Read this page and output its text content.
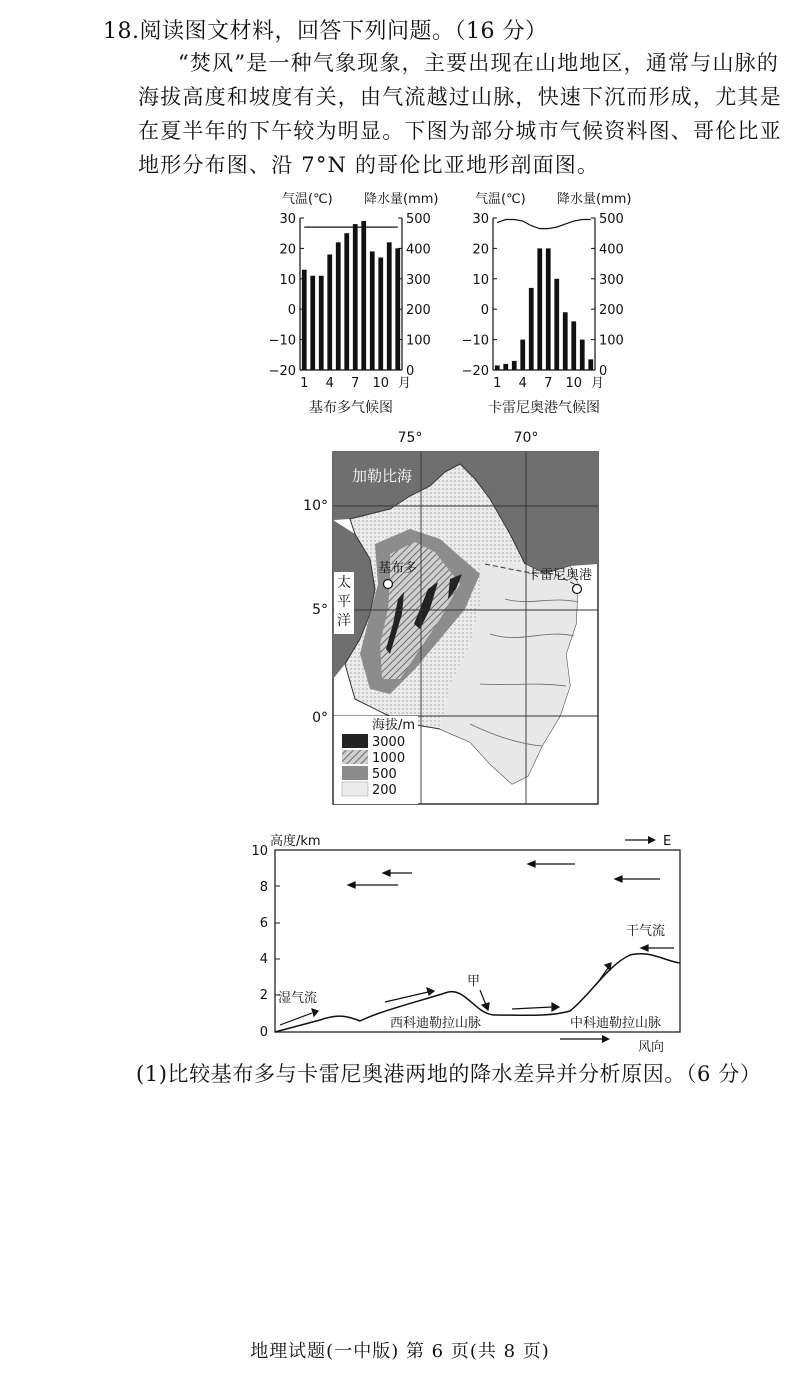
18.阅读图文材料，回答下列问题。（16 分）
“焚风”是一种气象现象，主要出现在山地地区，通常与山脉的海拔高度和坡度有关，由气流越过山脉，快速下沉而形成，尤其是在夏半年的下午较为明显。下图为部分城市气候资料图、哥伦比亚地形分布图、沿 7°N 的哥伦比亚地形剖面图。
气温(℃) 降水量(mm)
30
20
10
0
−10
−20
500
400
300
200
100
0
1 4 7 10 月
基布多气候图
气温(℃) 降水量(mm)
30
20
10
0
−10
−20
500
400
300
200
100
0
1 4 7 10 月
卡雷尼奥港气候图
75°	70°
10°
5°
0°
加勒比海
太
平
洋
基布多	卡雷尼奥港
海拔/m
3000
1000
500
200
高度/km
10
8
6
4
2
0
E
湿气流
干气流
甲
西科迪勒拉山脉	中科迪勒拉山脉
风向
(1)比较基布多与卡雷尼奥港两地的降水差异并分析原因。（6 分）
地理试题(一中版) 第 6 页(共 8 页)
